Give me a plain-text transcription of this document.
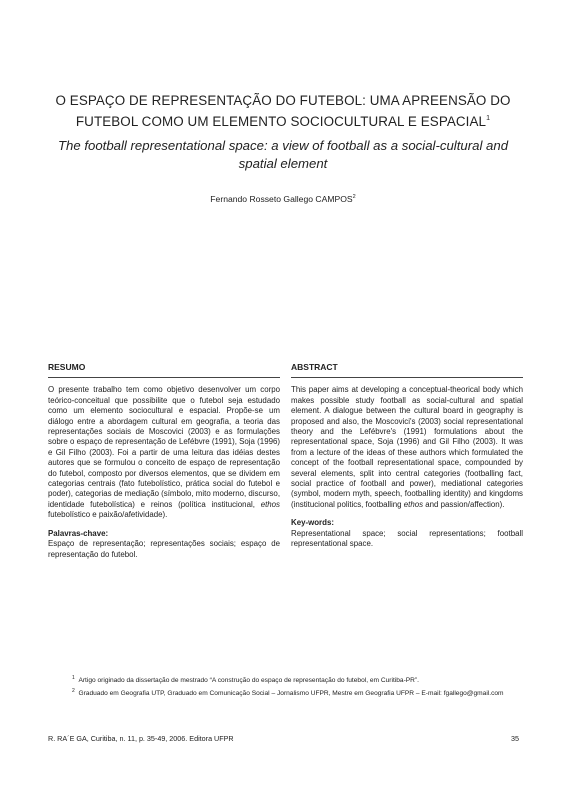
O ESPAÇO DE REPRESENTAÇÃO DO FUTEBOL: UMA APREENSÃO DO FUTEBOL COMO UM ELEMENTO SOCIOCULTURAL E ESPACIAL$^1$
The football representational space: a view of football as a social-cultural and spatial element
Fernando Rosseto Gallego CAMPOS$^2$
RESUMO

O presente trabalho tem como objetivo desenvolver um corpo teórico-conceitual que possibilite que o futebol seja estudado como um elemento sociocultural e espacial. Propõe-se um diálogo entre a abordagem cultural em geografia, a teoria das representações sociais de Moscovici (2003) e as formulações sobre o espaço de representação de Lefébvre (1991), Soja (1996) e Gil Filho (2003). Foi a partir de uma leitura das idéias destes autores que se formulou o conceito de espaço de representação do futebol, composto por diversos elementos, que se dividem em categorias centrais (fato futebolístico, prática social do futebol e poder), categorias de mediação (símbolo, mito moderno, discurso, identidade futebolística) e reinos (política institucional, ethos futebolístico e paixão/afetividade).

Palavras-chave:

Espaço de representação; representações sociais; espaço de representação do futebol.

ABSTRACT

This paper aims at developing a conceptual-theorical body which makes possible study football as social-cultural and spatial element. A dialogue between the cultural board in geography is proposed and also, the Moscovici's (2003) social representational theory and the Lefébvre's (1991) formulations about the representational space, Soja (1996) and Gil Filho (2003). It was from a lecture of the ideas of these authors which formulated the concept of the football representational space, compounded by several elements, split into central categories (footballing fact, social practice of football and power), mediational categories (symbol, modern myth, speech, footballing identity) and kingdoms (institucional politics, footballing ethos and passion/affection).

Key-words:

Representational space; social representations; football representational space.

$^1$ Artigo originado da dissertação de mestrado “A construção do espaço de representação do futebol, em Curitiba-PR”.

$^2$ Graduado em Geografia UTP, Graduado em Comunicação Social – Jornalismo UFPR, Mestre em Geografia UFPR – E-mail: fgallego@gmail.com

R. RA´E GA, Curitiba, n. 11, p. 35-49, 2006. Editora UFPR	35
